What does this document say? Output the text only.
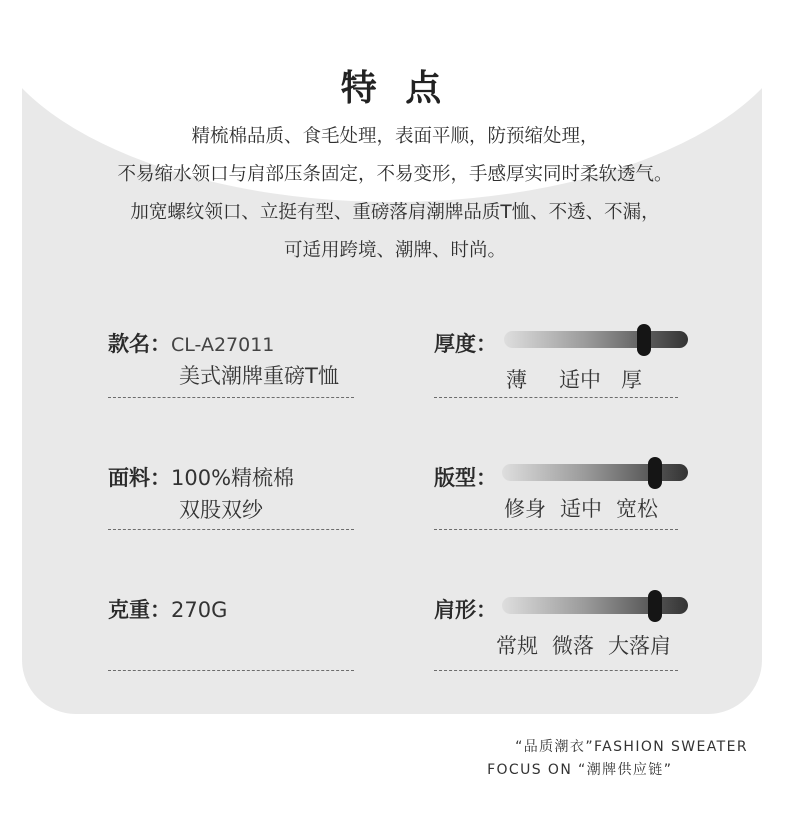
特 点
精梳棉品质、食毛处理，表面平顺，防预缩处理，
不易缩水领口与肩部压条固定，不易变形，手感厚实同时柔软透气。
加宽螺纹领口、立挺有型、重磅落肩潮牌品质T恤、不透、不漏，
可适用跨境、潮牌、时尚。
款名：CL-A27011
美式潮牌重磅T恤
面料：100%精梳棉
双股双纱
克重：270G
厚度：
薄 适中 厚
版型：
修身 适中 宽松
肩形：
常规 微落 大落肩
“品质潮衣”FASHION SWEATER
FOCUS ON “潮牌供应链”
